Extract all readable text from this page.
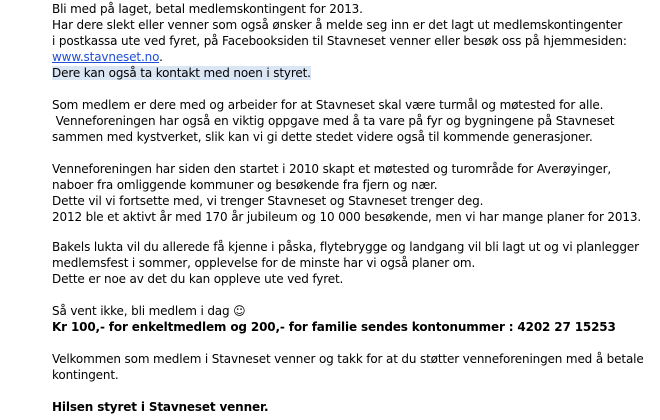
Bli med på laget, betal medlemskontingent for 2013.
Har dere slekt eller venner som også ønsker å melde seg inn er det lagt ut medlemskontingenter
i postkassa ute ved fyret, på Facebooksiden til Stavneset venner eller besøk oss på hjemmesiden:
www.stavneset.no.
Dere kan også ta kontakt med noen i styret.
Som medlem er dere med og arbeider for at Stavneset skal være turmål og møtested for alle.
Venneforeningen har også en viktig oppgave med å ta vare på fyr og bygningene på Stavneset
sammen med kystverket, slik kan vi gi dette stedet videre også til kommende generasjoner.
Venneforeningen har siden den startet i 2010 skapt et møtested og turområde for Averøyinger,
naboer fra omliggende kommuner og besøkende fra fjern og nær.
Dette vil vi fortsette med, vi trenger Stavneset og Stavneset trenger deg.
2012 ble et aktivt år med 170 år jubileum og 10 000 besøkende, men vi har mange planer for 2013.
Bakels lukta vil du allerede få kjenne i påska, flytebrygge og landgang vil bli lagt ut og vi planlegger
medlemsfest i sommer, opplevelse for de minste har vi også planer om.
Dette er noe av det du kan oppleve ute ved fyret.
Så vent ikke, bli medlem i dag ☺
Kr 100,- for enkeltmedlem og 200,- for familie sendes kontonummer : 4202 27 15253
Velkommen som medlem i Stavneset venner og takk for at du støtter venneforeningen med å betale
kontingent.
Hilsen styret i Stavneset venner.
